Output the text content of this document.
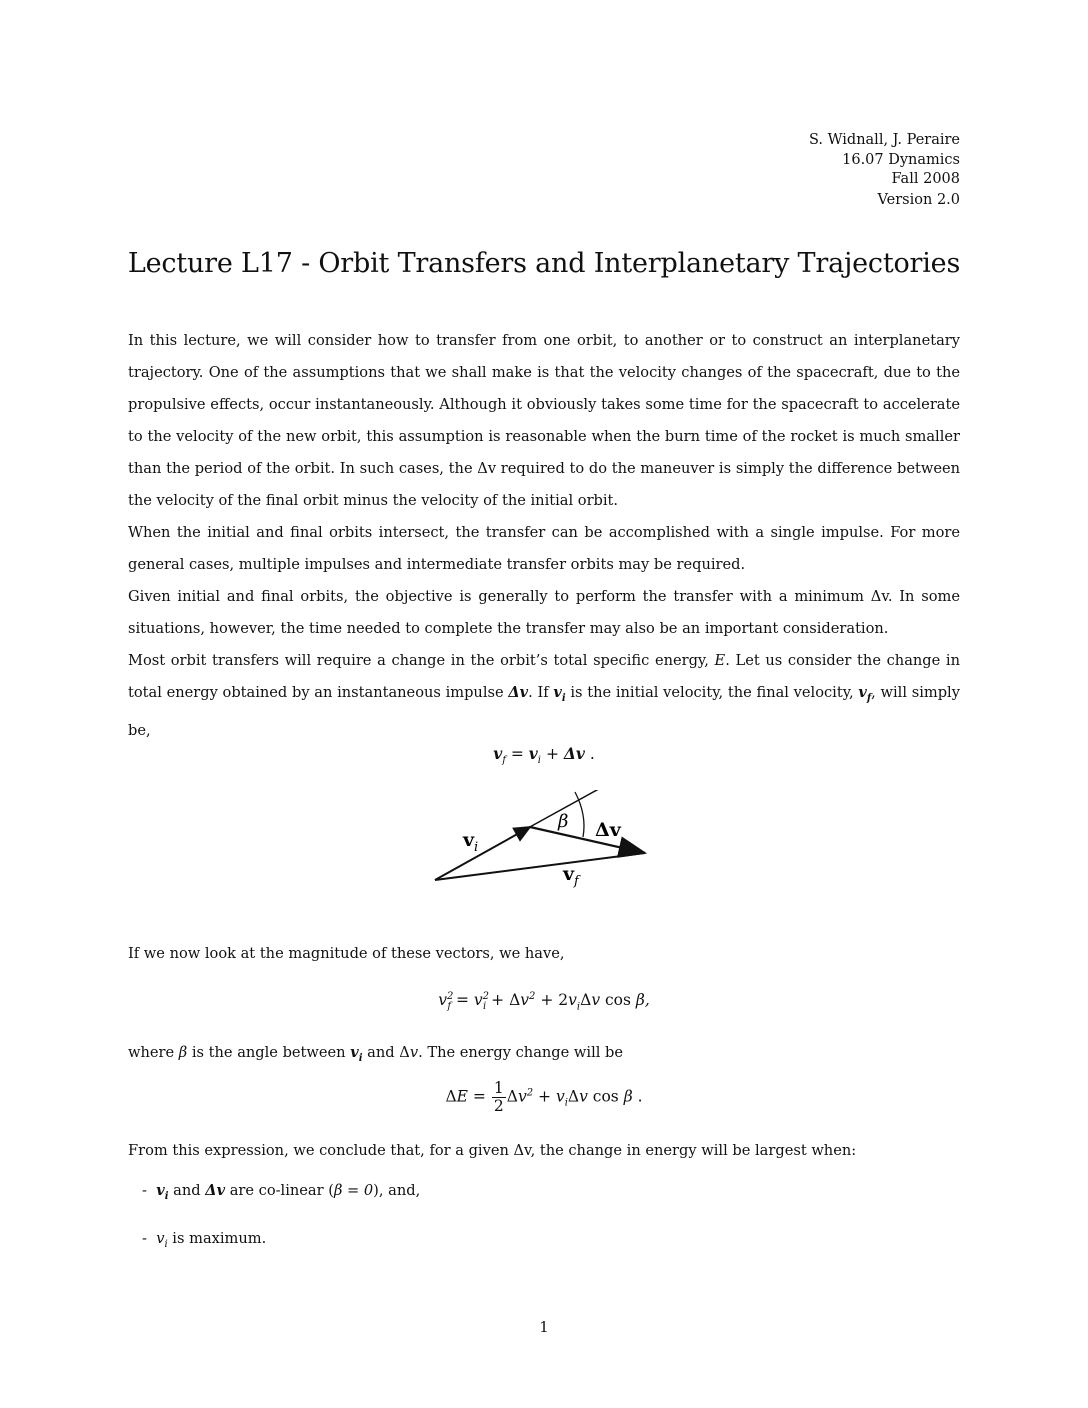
S. Widnall, J. Peraire
16.07 Dynamics
Fall 2008
Version 2.0
Lecture L17 - Orbit Transfers and Interplanetary Trajectories
In this lecture, we will consider how to transfer from one orbit, to another or to construct an interplanetary trajectory. One of the assumptions that we shall make is that the velocity changes of the spacecraft, due to the propulsive effects, occur instantaneously. Although it obviously takes some time for the spacecraft to accelerate to the velocity of the new orbit, this assumption is reasonable when the burn time of the rocket is much smaller than the period of the orbit. In such cases, the Δv required to do the maneuver is simply the difference between the velocity of the final orbit minus the velocity of the initial orbit.
When the initial and final orbits intersect, the transfer can be accomplished with a single impulse. For more general cases, multiple impulses and intermediate transfer orbits may be required.
Given initial and final orbits, the objective is generally to perform the transfer with a minimum Δv. In some situations, however, the time needed to complete the transfer may also be an important consideration.
Most orbit transfers will require a change in the orbit’s total specific energy, E. Let us consider the change in total energy obtained by an instantaneous impulse Δv. If $v_i$ is the initial velocity, the final velocity, $v_f$, will simply be,
$v_f = v_i + \Delta v$ .
$v_i$
β Δv
$v_f$
If we now look at the magnitude of these vectors, we have,
$v^2_f = v^2_i + \Delta v^2 + 2v_i\Delta v$ cos β,
where β is the angle between $v_i$ and Δv. The energy change will be
$\Delta E = \frac{1}{2} \Delta v^2 + v_i\Delta v$ cos β .
From this expression, we conclude that, for a given Δv, the change in energy will be largest when:
- $v_i$ and Δv are co-linear (β = 0), and,
- $v_i$ is maximum.
1
